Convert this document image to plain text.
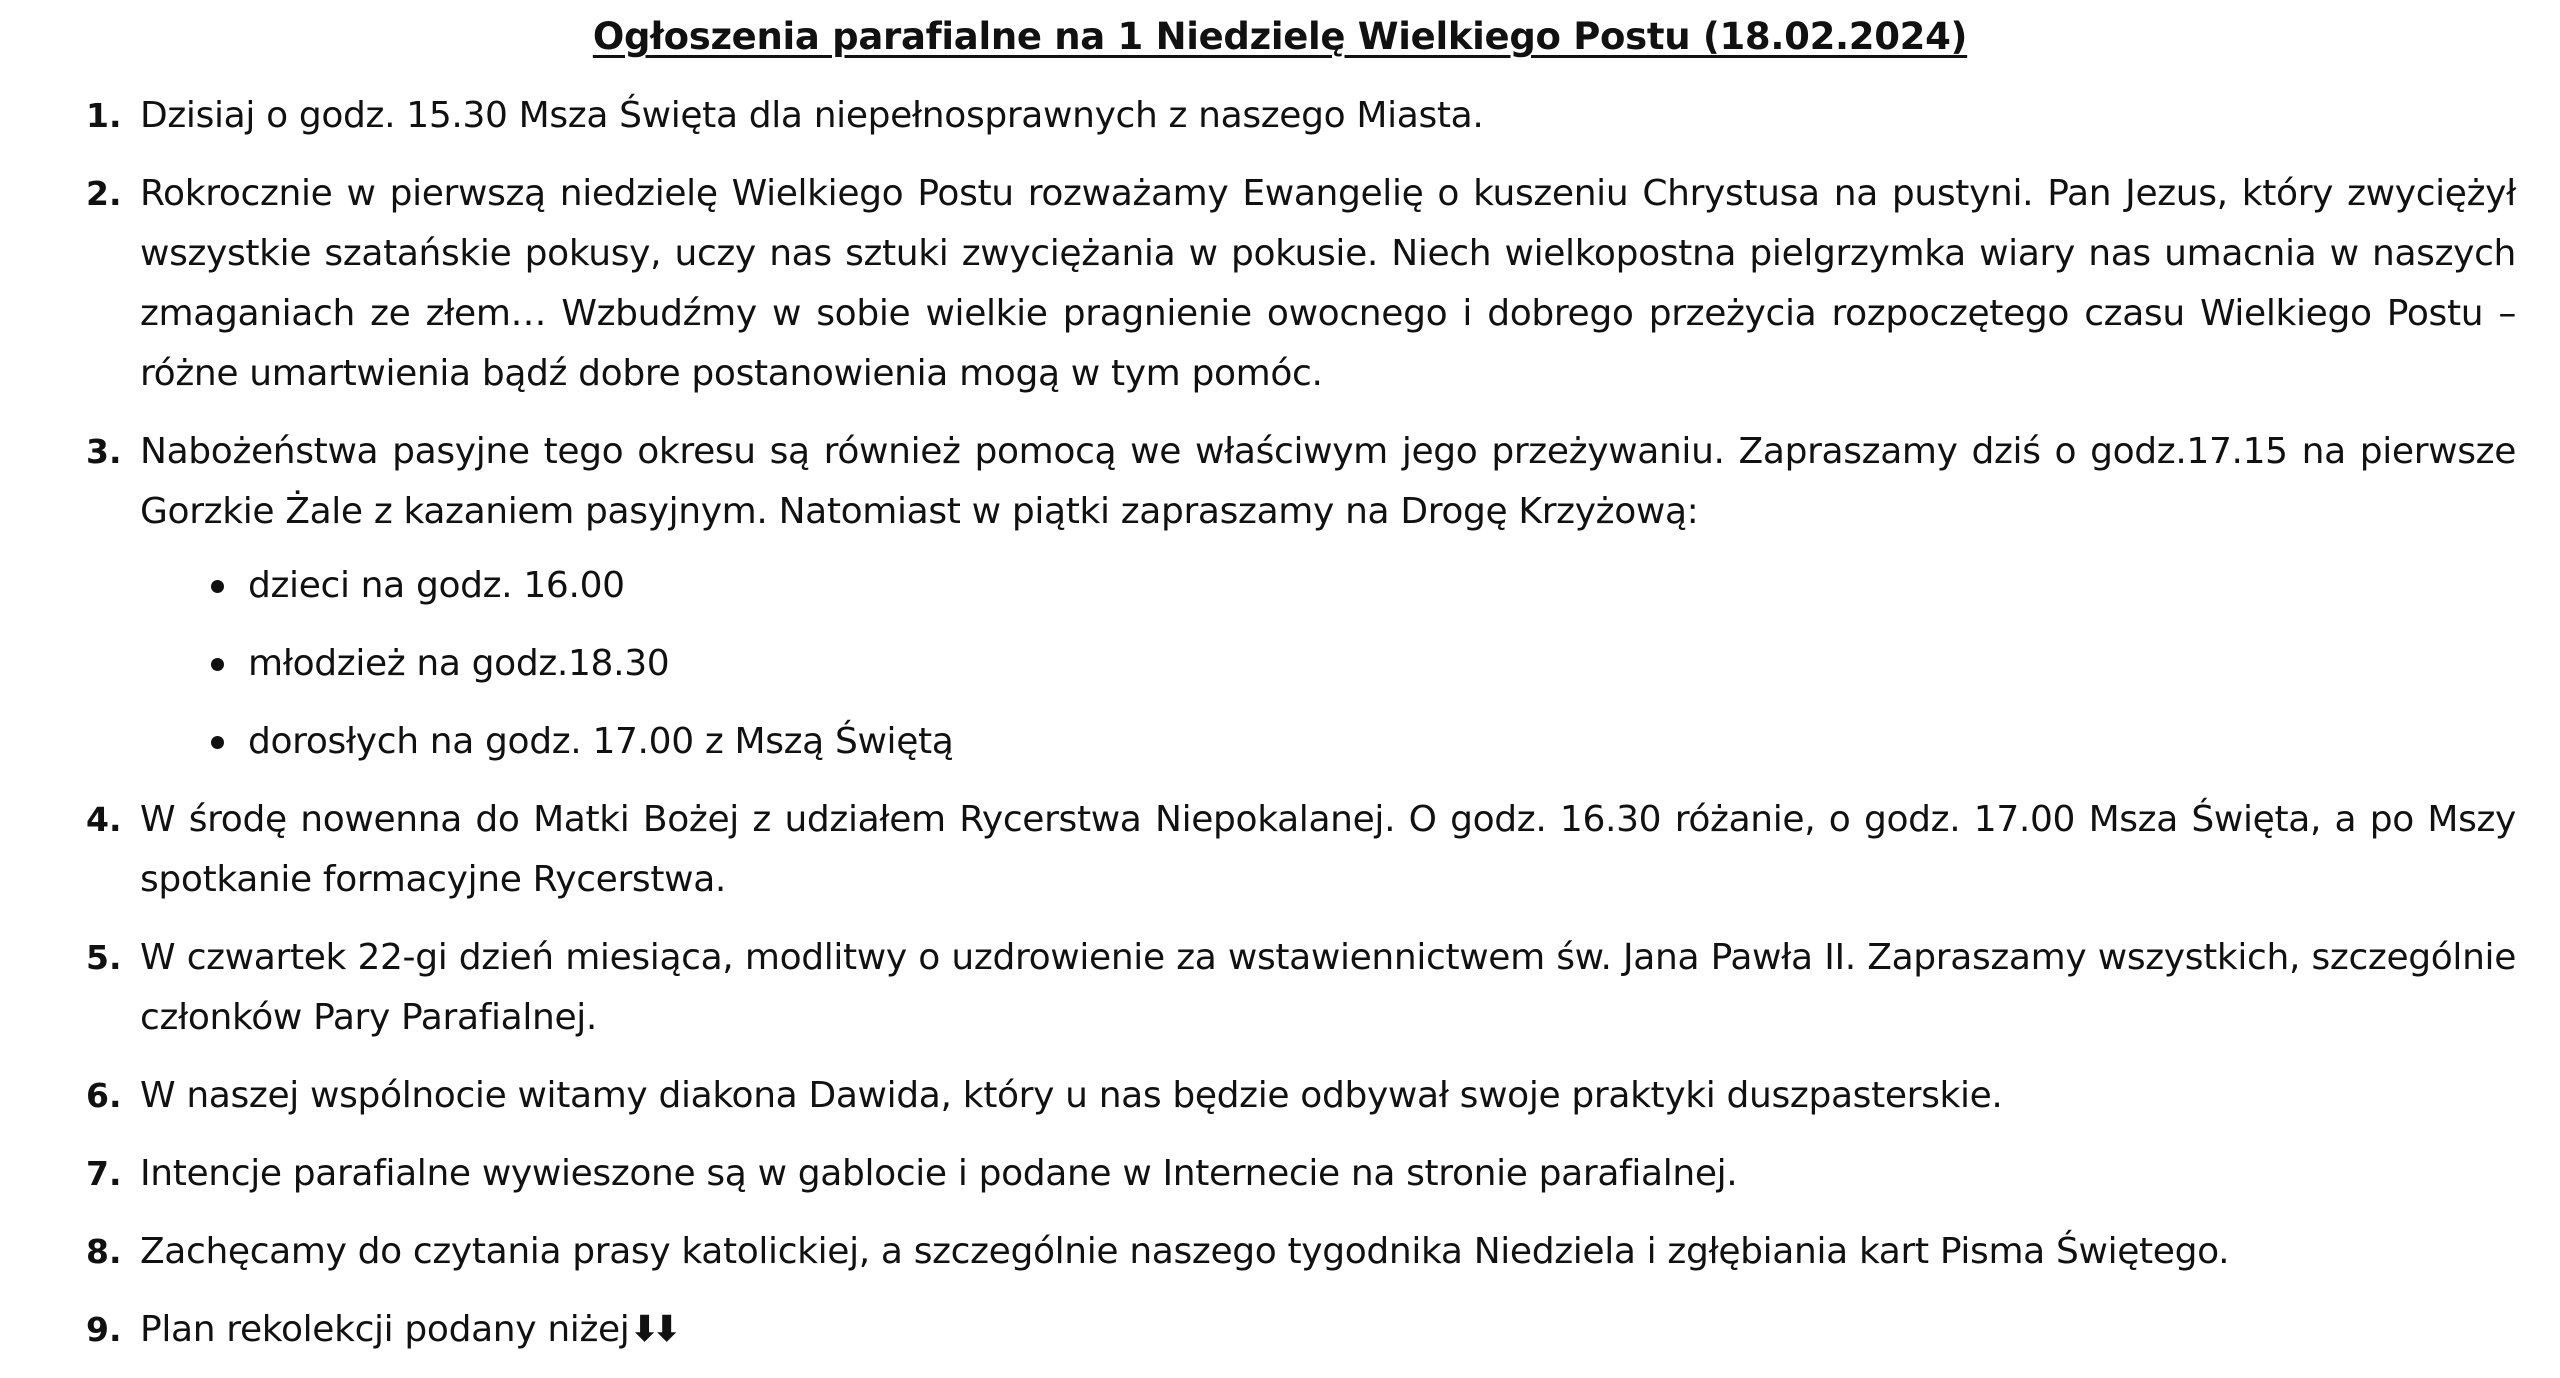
Ogłoszenia parafialne na 1 Niedzielę Wielkiego Postu (18.02.2024)
1. Dzisiaj o godz. 15.30 Msza Święta dla niepełnosprawnych z naszego Miasta.
2. Rokrocznie w pierwszą niedzielę Wielkiego Postu rozważamy Ewangelię o kuszeniu Chrystusa na pustyni. Pan Jezus, który zwyciężył wszystkie szatańskie pokusy, uczy nas sztuki zwyciężania w pokusie. Niech wielkopostna pielgrzymka wiary nas umacnia w naszych zmaganiach ze złem… Wzbudźmy w sobie wielkie pragnienie owocnego i dobrego przeżycia rozpoczętego czasu Wielkiego Postu – różne umartwienia bądź dobre postanowienia mogą w tym pomóc.
3. Nabożeństwa pasyjne tego okresu są również pomocą we właściwym jego przeżywaniu. Zapraszamy dziś o godz.17.15 na pierwsze Gorzkie Żale z kazaniem pasyjnym. Natomiast w piątki zapraszamy na Drogę Krzyżową:
dzieci na godz. 16.00
młodzież na godz.18.30
dorosłych na godz. 17.00 z Mszą Świętą
4. W środę nowenna do Matki Bożej z udziałem Rycerstwa Niepokalanej. O godz. 16.30 różanie, o godz. 17.00 Msza Święta, a po Mszy spotkanie formacyjne Rycerstwa.
5. W czwartek 22-gi dzień miesiąca, modlitwy o uzdrowienie za wstawiennictwem św. Jana Pawła II. Zapraszamy wszystkich, szczególnie członków Pary Parafialnej.
6. W naszej wspólnocie witamy diakona Dawida, który u nas będzie odbywał swoje praktyki duszpasterskie.
7. Intencje parafialne wywieszone są w gablocie i podane w Internecie na stronie parafialnej.
8. Zachęcamy do czytania prasy katolickiej, a szczególnie naszego tygodnika Niedziela i zgłębiania kart Pisma Świętego.
9. Plan rekolekcji podany niżej⬇⬇
